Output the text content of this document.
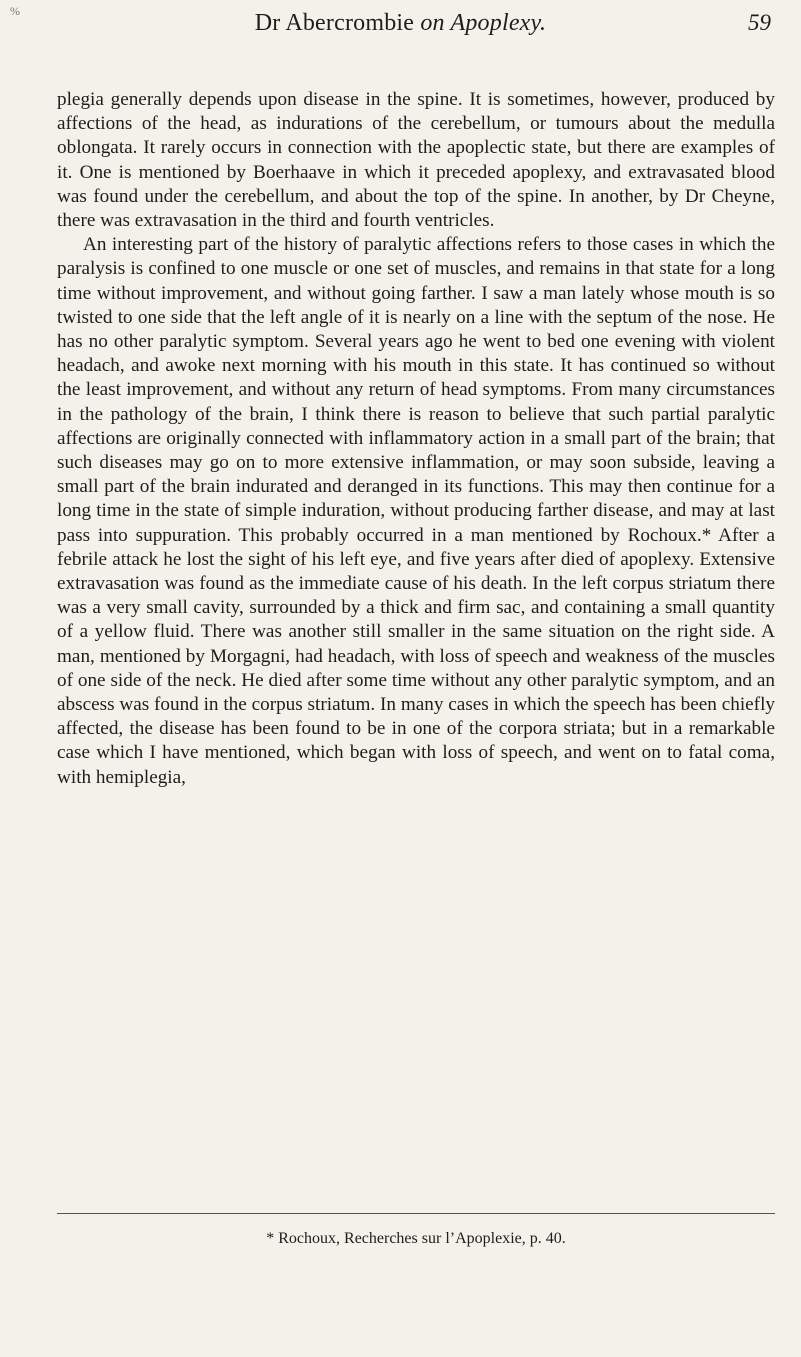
%	Dr Abercrombie on Apoplexy.	59

plegia generally depends upon disease in the spine. It is sometimes, however, produced by affections of the head, as indurations of the cerebellum, or tumours about the medulla oblongata. It rarely occurs in connection with the apoplectic state, but there are examples of it. One is mentioned by Boerhaave in which it preceded apoplexy, and extravasated blood was found under the cerebellum, and about the top of the spine. In another, by Dr Cheyne, there was extravasation in the third and fourth ventricles.

An interesting part of the history of paralytic affections refers to those cases in which the paralysis is confined to one muscle or one set of muscles, and remains in that state for a long time without improvement, and without going farther. I saw a man lately whose mouth is so twisted to one side that the left angle of it is nearly on a line with the septum of the nose. He has no other paralytic symptom. Several years ago he went to bed one evening with violent headach, and awoke next morning with his mouth in this state. It has continued so without the least improvement, and without any return of head symptoms. From many circumstances in the pathology of the brain, I think there is reason to believe that such partial paralytic affections are originally connected with inflammatory action in a small part of the brain; that such diseases may go on to more extensive inflammation, or may soon subside, leaving a small part of the brain indurated and deranged in its functions. This may then continue for a long time in the state of simple induration, without producing farther disease, and may at last pass into suppuration. This probably occurred in a man mentioned by Rochoux.* After a febrile attack he lost the sight of his left eye, and five years after died of apoplexy. Extensive extravasation was found as the immediate cause of his death. In the left corpus striatum there was a very small cavity, surrounded by a thick and firm sac, and containing a small quantity of a yellow fluid. There was another still smaller in the same situation on the right side. A man, mentioned by Morgagni, had headach, with loss of speech and weakness of the muscles of one side of the neck. He died after some time without any other paralytic symptom, and an abscess was found in the corpus striatum. In many cases in which the speech has been chiefly affected, the disease has been found to be in one of the corpora striata; but in a remarkable case which I have mentioned, which began with loss of speech, and went on to fatal coma, with hemiplegia,

* Rochoux, Recherches sur l’Apoplexie, p. 40.
